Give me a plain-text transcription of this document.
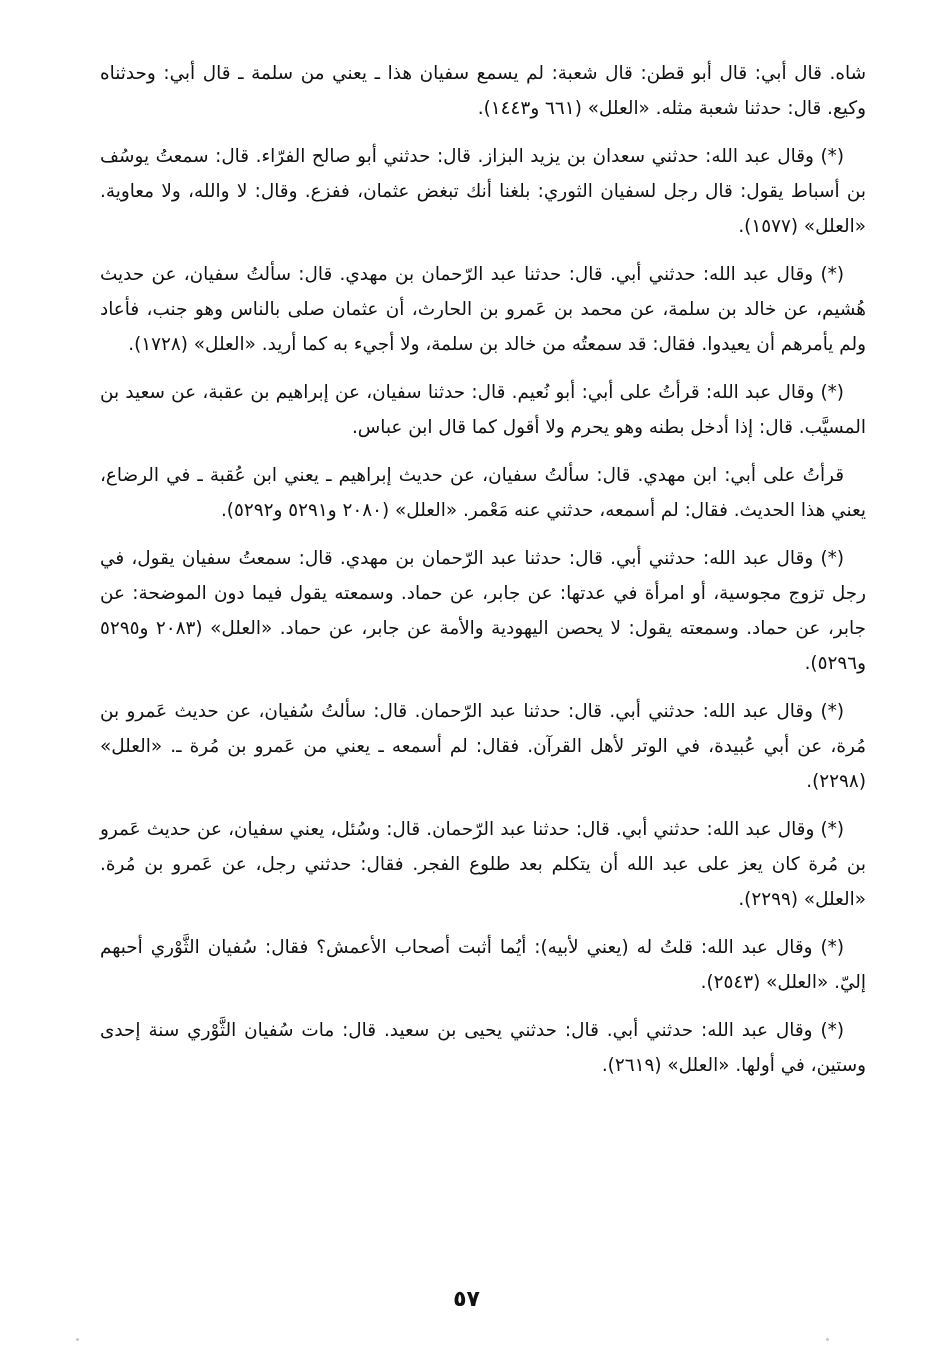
شاه. قال أبي: قال أبو قطن: قال شعبة: لم يسمع سفيان هذا ـ يعني من سلمة ـ قال أبي: وحدثناه وكيع. قال: حدثنا شعبة مثله. «العلل» (٦٦١ و١٤٤٣).

(*) وقال عبد الله: حدثني سعدان بن يزيد البزاز. قال: حدثني أبو صالح الفرّاء. قال: سمعتُ يوسُف بن أسباط يقول: قال رجل لسفيان الثوري: بلغنا أنك تبغض عثمان، ففزع. وقال: لا والله، ولا معاوية. «العلل» (١٥٧٧).

(*) وقال عبد الله: حدثني أبي. قال: حدثنا عبد الرّحمان بن مهدي. قال: سألتُ سفيان، عن حديث هُشيم، عن خالد بن سلمة، عن محمد بن عَمرو بن الحارث، أن عثمان صلى بالناس وهو جنب، فأعاد ولم يأمرهم أن يعيدوا. فقال: قد سمعتُه من خالد بن سلمة، ولا أجيء به كما أريد. «العلل» (١٧٢٨).

(*) وقال عبد الله: قرأتُ على أبي: أبو نُعيم. قال: حدثنا سفيان، عن إبراهيم بن عقبة، عن سعيد بن المسيَّب. قال: إذا أدخل بطنه وهو يحرم ولا أقول كما قال ابن عباس.

قرأتُ على أبي: ابن مهدي. قال: سألتُ سفيان، عن حديث إبراهيم ـ يعني ابن عُقبة ـ في الرضاع، يعني هذا الحديث. فقال: لم أسمعه، حدثني عنه مَعْمر. «العلل» (٢٠٨٠ و٥٢٩١ و٥٢٩٢).

(*) وقال عبد الله: حدثني أبي. قال: حدثنا عبد الرّحمان بن مهدي. قال: سمعتُ سفيان يقول، في رجل تزوج مجوسية، أو امرأة في عدتها: عن جابر، عن حماد. وسمعته يقول فيما دون الموضحة: عن جابر، عن حماد. وسمعته يقول: لا يحصن اليهودية والأمة عن جابر، عن حماد. «العلل» (٢٠٨٣ و٥٢٩٥ و٥٢٩٦).

(*) وقال عبد الله: حدثني أبي. قال: حدثنا عبد الرّحمان. قال: سألتُ سُفيان، عن حديث عَمرو بن مُرة، عن أبي عُبيدة، في الوتر لأهل القرآن. فقال: لم أسمعه ـ يعني من عَمرو بن مُرة ـ. «العلل» (٢٢٩٨).

(*) وقال عبد الله: حدثني أبي. قال: حدثنا عبد الرّحمان. قال: وسُئل، يعني سفيان، عن حديث عَمرو بن مُرة كان يعز على عبد الله أن يتكلم بعد طلوع الفجر. فقال: حدثني رجل، عن عَمرو بن مُرة. «العلل» (٢٢٩٩).

(*) وقال عبد الله: قلتُ له (يعني لأبيه): أيُما أثبت أصحاب الأعمش؟ فقال: سُفيان الثَّوْري أحبهم إليّ. «العلل» (٢٥٤٣).

(*) وقال عبد الله: حدثني أبي. قال: حدثني يحيى بن سعيد. قال: مات سُفيان الثَّوْري سنة إحدى وستين، في أولها. «العلل» (٢٦١٩).

٥٧
